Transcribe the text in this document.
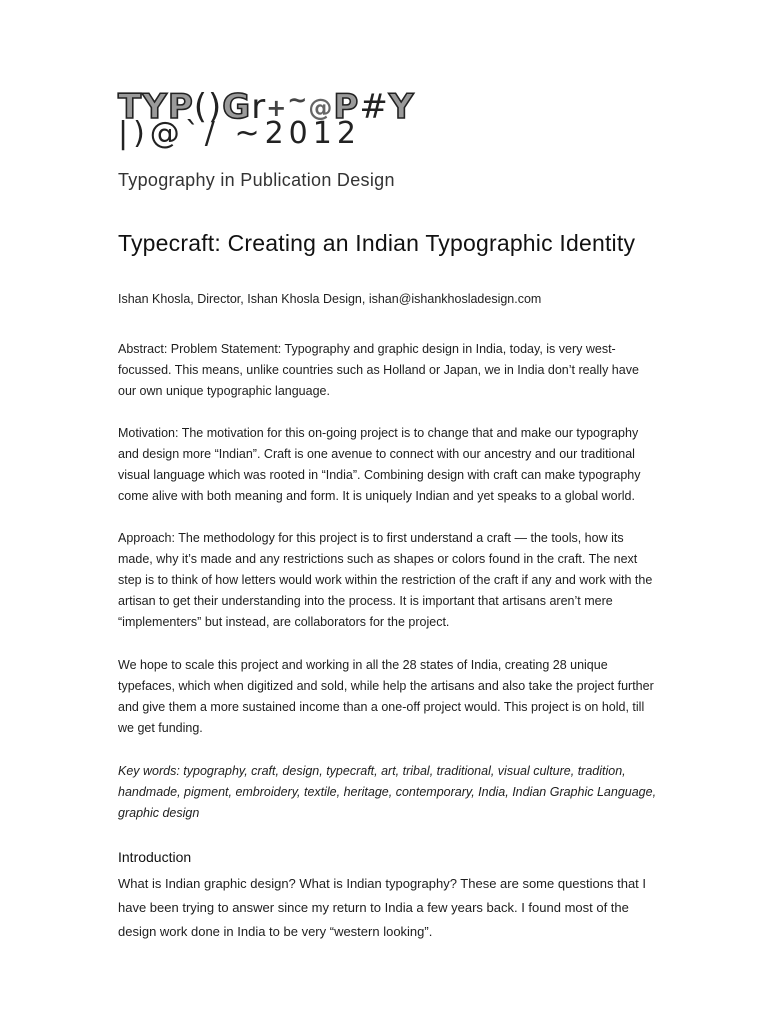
TYP()Gr+~@P#Y
|)@`/ ~2012
Typography in Publication Design
Typecraft: Creating an Indian Typographic Identity
Ishan Khosla, Director, Ishan Khosla Design, ishan@ishankhosladesign.com
Abstract: Problem Statement: Typography and graphic design in India, today, is very west-focussed. This means, unlike countries such as Holland or Japan, we in India don’t really have our own unique typographic language.
Motivation: The motivation for this on-going project is to change that and make our typography and design more “Indian”. Craft is one avenue to connect with our ancestry and our traditional visual language which was rooted in “India”. Combining design with craft can make typography come alive with both meaning and form. It is uniquely Indian and yet speaks to a global world.
Approach: The methodology for this project is to first understand a craft — the tools, how its made, why it’s made and any restrictions such as shapes or colors found in the craft. The next step is to think of how letters would work within the restriction of the craft if any and work with the artisan to get their understanding into the process. It is important that artisans aren’t mere “implementers” but instead, are collaborators for the project.
We hope to scale this project and working in all the 28 states of India, creating 28 unique typefaces, which when digitized and sold, while help the artisans and also take the project further and give them a more sustained income than a one-off project would. This project is on hold, till we get funding.
Key words: typography, craft, design, typecraft, art, tribal, traditional, visual culture, tradition, handmade, pigment, embroidery, textile, heritage, contemporary, India, Indian Graphic Language, graphic design
Introduction
What is Indian graphic design? What is Indian typography? These are some questions that I have been trying to answer since my return to India a few years back. I found most of the design work done in India to be very “western looking”.
